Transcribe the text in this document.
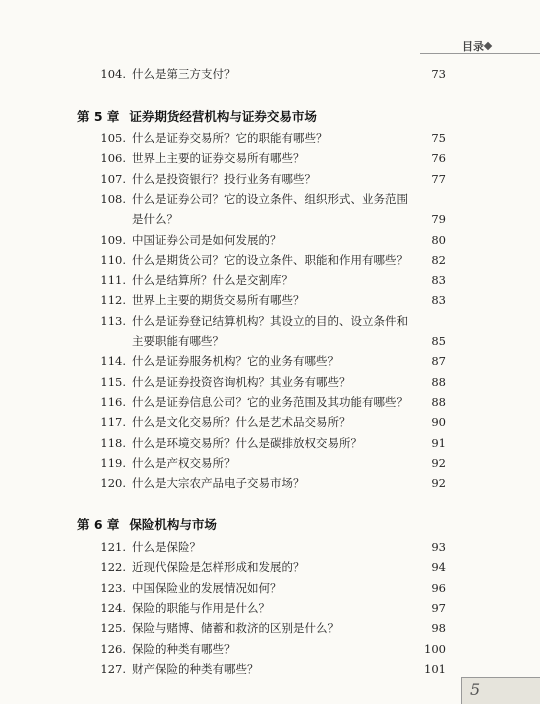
目录
104. 什么是第三方支付？	73
第 5 章 证券期货经营机构与证券交易市场
105. 什么是证券交易所？它的职能有哪些？	75
106. 世界上主要的证券交易所有哪些？	76
107. 什么是投资银行？投行业务有哪些？	77
108. 什么是证券公司？它的设立条件、组织形式、业务范围
是什么？	79
109. 中国证券公司是如何发展的？	80
110. 什么是期货公司？它的设立条件、职能和作用有哪些？	82
111. 什么是结算所？什么是交割库？	83
112. 世界上主要的期货交易所有哪些？	83
113. 什么是证券登记结算机构？其设立的目的、设立条件和
主要职能有哪些？	85
114. 什么是证券服务机构？它的业务有哪些？	87
115. 什么是证券投资咨询机构？其业务有哪些？	88
116. 什么是证券信息公司？它的业务范围及其功能有哪些？	88
117. 什么是文化交易所？什么是艺术品交易所？	90
118. 什么是环境交易所？什么是碳排放权交易所？	91
119. 什么是产权交易所？	92
120. 什么是大宗农产品电子交易市场？	92
第 6 章 保险机构与市场
121. 什么是保险？	93
122. 近现代保险是怎样形成和发展的？	94
123. 中国保险业的发展情况如何？	96
124. 保险的职能与作用是什么？	97
125. 保险与赌博、储蓄和救济的区别是什么？	98
126. 保险的种类有哪些？	100
127. 财产保险的种类有哪些？	101
5
